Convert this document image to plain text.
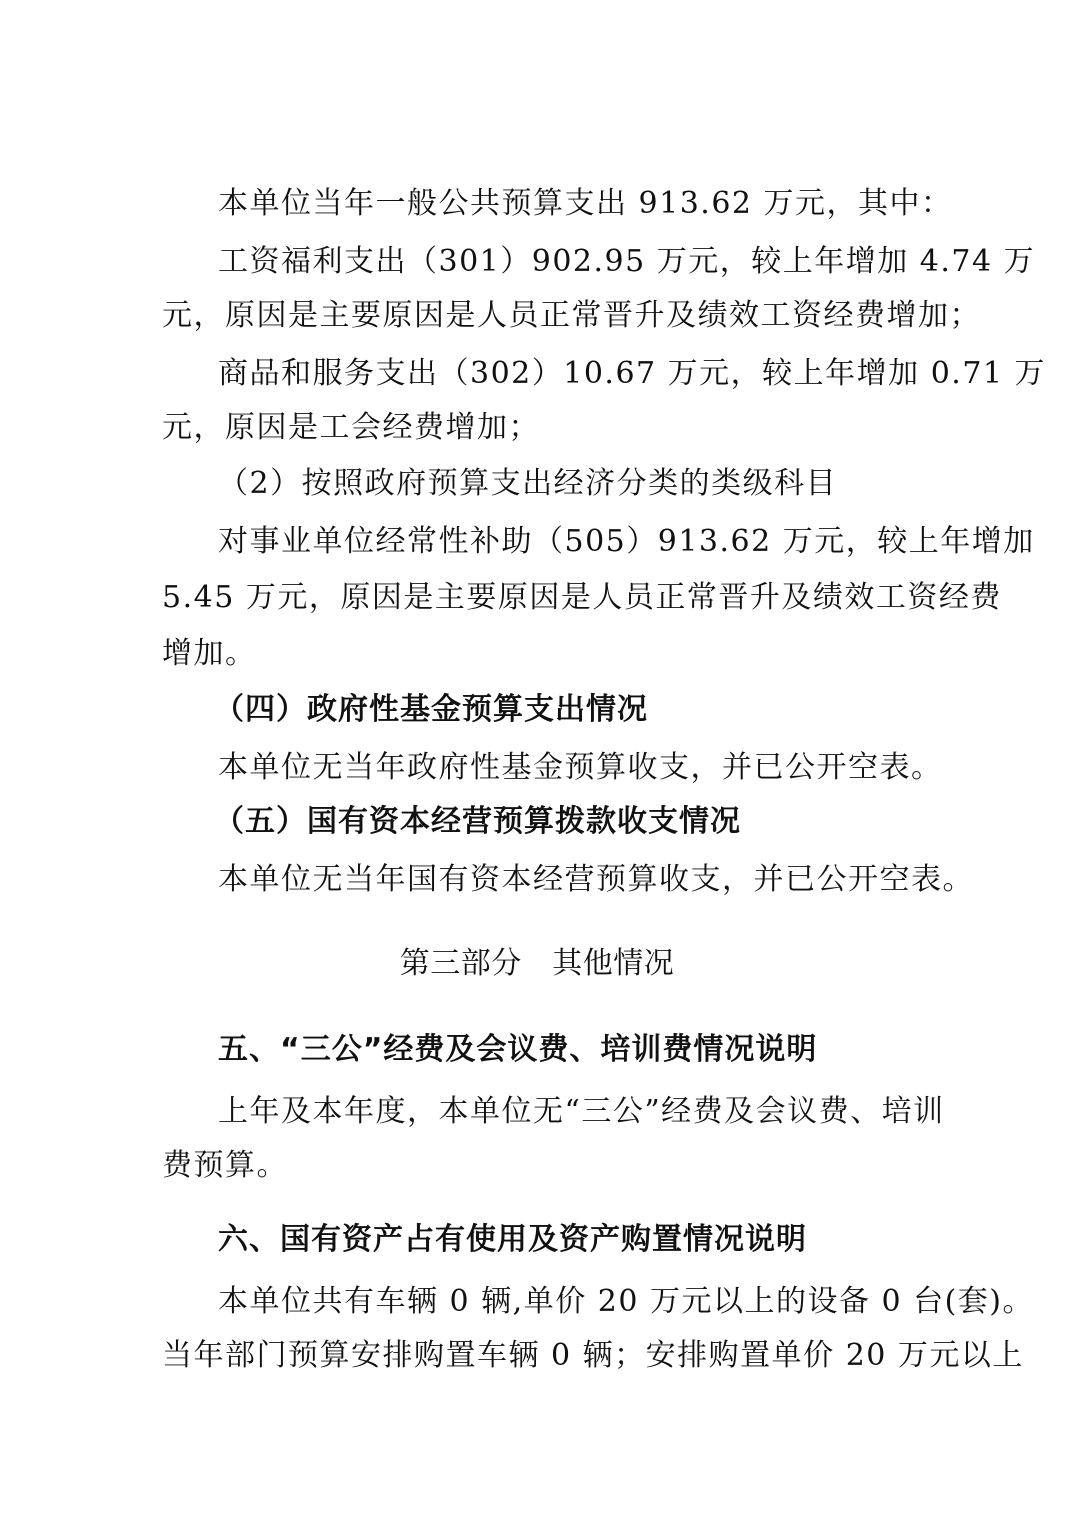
本单位当年一般公共预算支出 913.62 万元，其中：
工资福利支出（301）902.95 万元，较上年增加 4.74 万
元，原因是主要原因是人员正常晋升及绩效工资经费增加；
商品和服务支出（302）10.67 万元，较上年增加 0.71 万
元，原因是工会经费增加；
（2）按照政府预算支出经济分类的类级科目
对事业单位经常性补助（505）913.62 万元，较上年增加
5.45 万元，原因是主要原因是人员正常晋升及绩效工资经费
增加。
（四）政府性基金预算支出情况
本单位无当年政府性基金预算收支，并已公开空表。
（五）国有资本经营预算拨款收支情况
本单位无当年国有资本经营预算收支，并已公开空表。
第三部分　其他情况
五、“三公”经费及会议费、培训费情况说明
上年及本年度，本单位无“三公”经费及会议费、培训
费预算。
六、国有资产占有使用及资产购置情况说明
本单位共有车辆 0 辆,单价 20 万元以上的设备 0 台(套)。
当年部门预算安排购置车辆 0 辆；安排购置单价 20 万元以上
